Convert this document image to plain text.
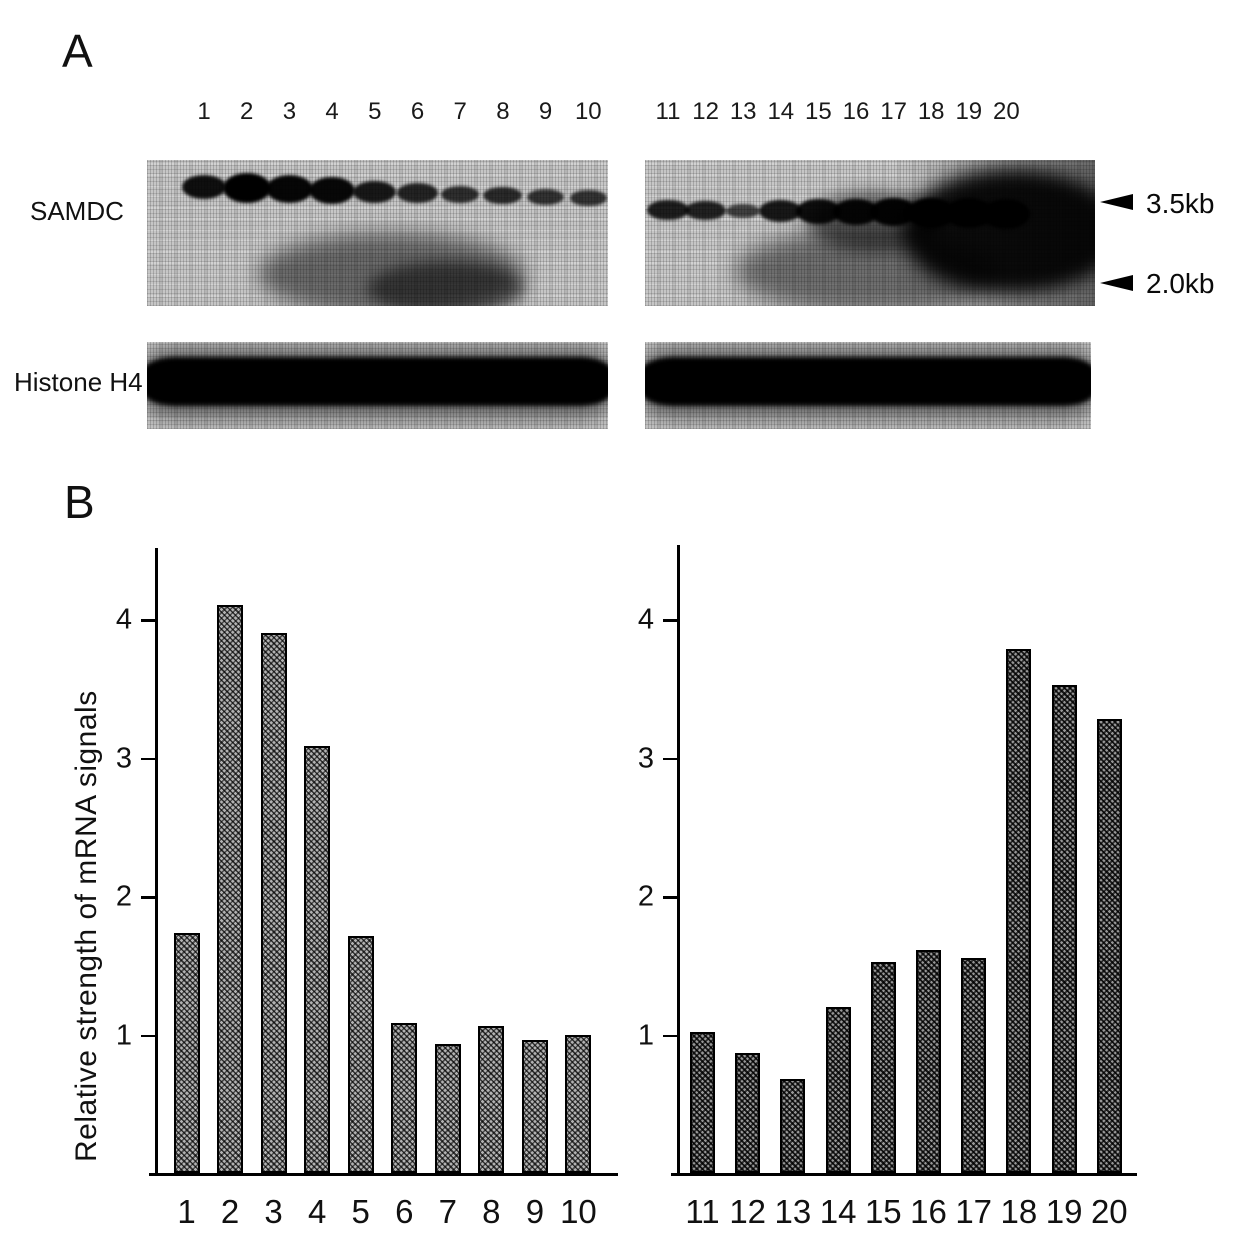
A
1 2 3 4 5 6 7 8 9 10 11 12 13 14 15 16 17 18 19 20
SAMDC
Histone H4
3.5kb
2.0kb
B
Relative strength of mRNA signals 1
2
3
4
1 2 3 4 5 6 7 8 9 10
1
2
3
4
11 12 13 14 15 16 17 18 19 20
